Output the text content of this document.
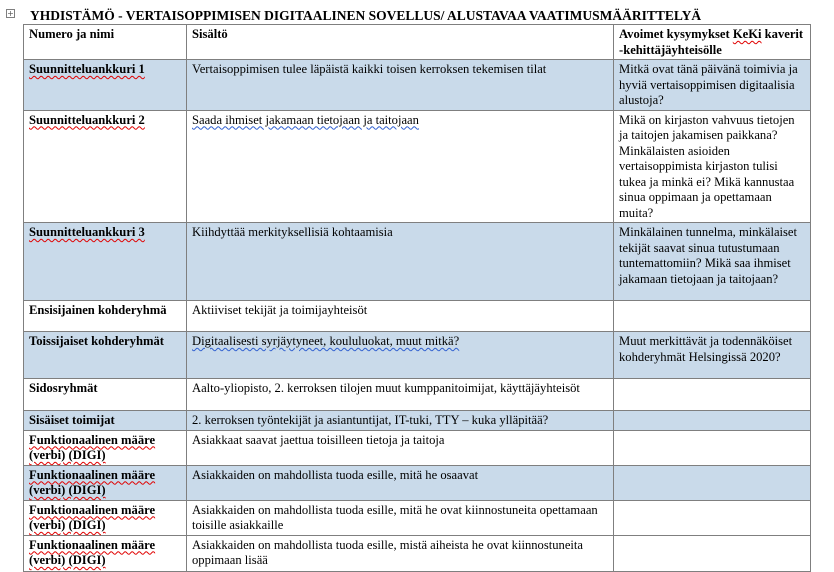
+ YHDISTÄMÖ - VERTAISOPPIMISEN DIGITAALINEN SOVELLUS/ ALUSTAVAA VAATIMUSMÄÄRITTELYÄ
Numero ja nimi	Sisältö	Avoimet kysymykset KeKi kaverit -kehittäjäyhteisölle
Suunnitteluankkuri 1	Vertaisoppimisen tulee läpäistä kaikki toisen kerroksen tekemisen tilat	Mitkä ovat tänä päivänä toimivia ja hyviä vertaisoppimisen digitaalisia alustoja?
Suunnitteluankkuri 2	Saada ihmiset jakamaan tietojaan ja taitojaan	Mikä on kirjaston vahvuus tietojen ja taitojen jakamisen paikkana? Minkälaisten asioiden vertaisoppimista kirjaston tulisi tukea ja minkä ei? Mikä kannustaa sinua oppimaan ja opettamaan muita?
Suunnitteluankkuri 3	Kiihdyttää merkityksellisiä kohtaamisia	Minkälainen tunnelma, minkälaiset tekijät saavat sinua tutustumaan tuntemattomiin? Mikä saa ihmiset jakamaan tietojaan ja taitojaan?
Ensisijainen kohderyhmä	Aktiiviset tekijät ja toimijayhteisöt	
Toissijaiset kohderyhmät	Digitaalisesti syrjäytyneet, koululuokat, muut mitkä?	Muut merkittävät ja todennäköiset kohderyhmät Helsingissä 2020?
Sidosryhmät	Aalto-yliopisto, 2. kerroksen tilojen muut kumppanitoimijat, käyttäjäyhteisöt	
Sisäiset toimijat	2. kerroksen työntekijät ja asiantuntijat, IT-tuki, TTY – kuka ylläpitää?	
Funktionaalinen määre (verbi) (DIGI)	Asiakkaat saavat jaettua toisilleen tietoja ja taitoja	
Funktionaalinen määre (verbi) (DIGI)	Asiakkaiden on mahdollista tuoda esille, mitä he osaavat	
Funktionaalinen määre (verbi) (DIGI)	Asiakkaiden on mahdollista tuoda esille, mitä he ovat kiinnostuneita opettamaan toisille asiakkaille	
Funktionaalinen määre (verbi) (DIGI)	Asiakkaiden on mahdollista tuoda esille, mistä aiheista he ovat kiinnostuneita oppimaan lisää	
